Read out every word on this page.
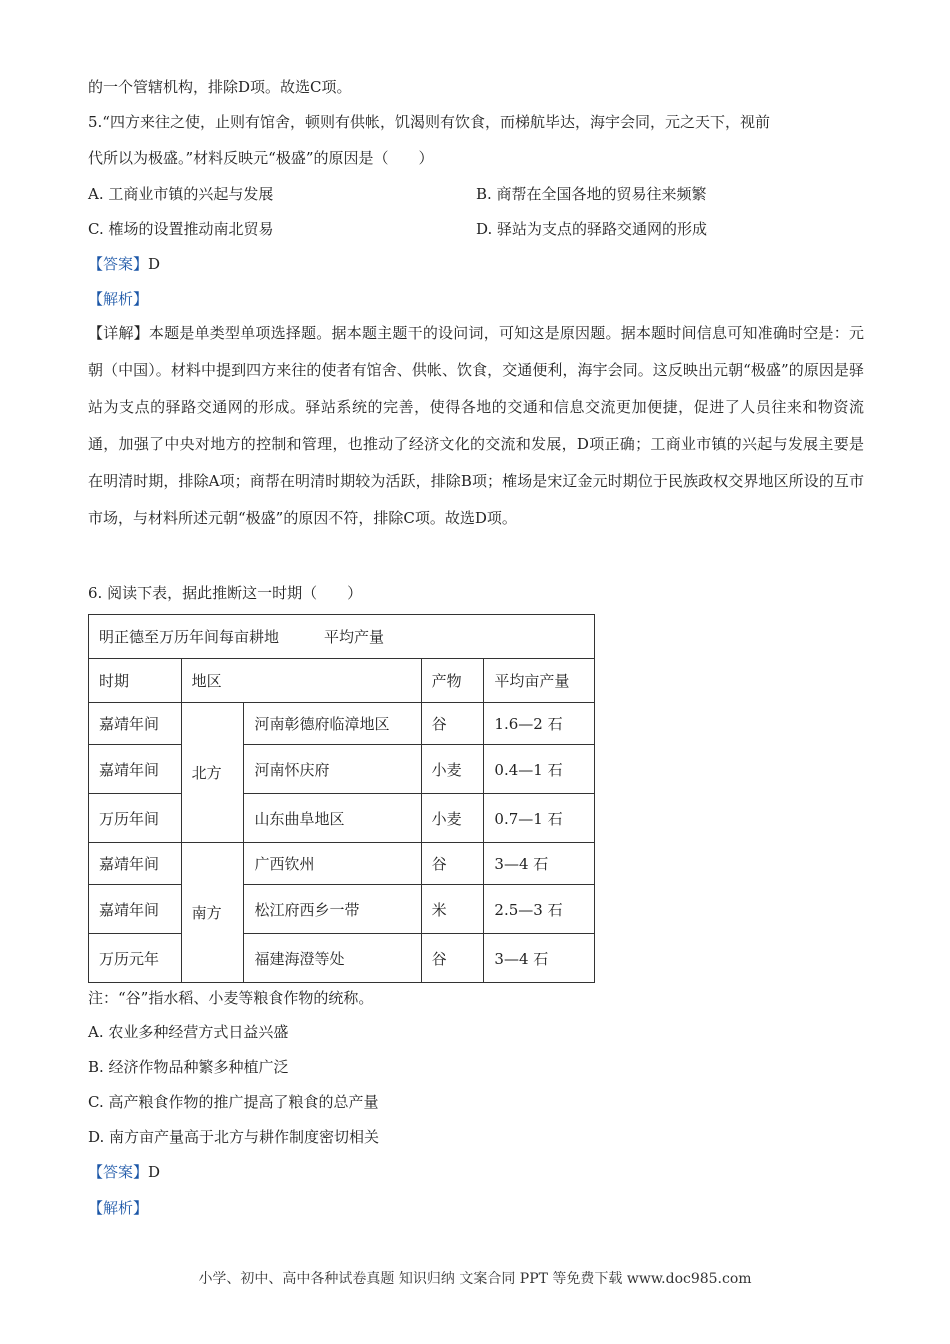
的一个管辖机构，排除D项。故选C项。
5.“四方来往之使，止则有馆舍，顿则有供帐，饥渴则有饮食，而梯航毕达，海宇会同，元之天下，视前
代所以为极盛。”材料反映元“极盛”的原因是（　　）
A. 工商业市镇的兴起与发展	B. 商帮在全国各地的贸易往来频繁
C. 榷场的设置推动南北贸易	D. 驿站为支点的驿路交通网的形成
【答案】D
【解析】
【详解】本题是单类型单项选择题。据本题主题干的设问词，可知这是原因题。据本题时间信息可知准确时空是：元朝（中国）。材料中提到四方来往的使者有馆舍、供帐、饮食，交通便利，海宇会同。这反映出元朝“极盛”的原因是驿站为支点的驿路交通网的形成。驿站系统的完善，使得各地的交通和信息交流更加便捷，促进了人员往来和物资流通，加强了中央对地方的控制和管理，也推动了经济文化的交流和发展，D项正确；工商业市镇的兴起与发展主要是在明清时期，排除A项；商帮在明清时期较为活跃，排除B项；榷场是宋辽金元时期位于民族政权交界地区所设的互市市场，与材料所述元朝“极盛”的原因不符，排除C项。故选D项。
6. 阅读下表，据此推断这一时期（　　）
明正德至万历年间每亩耕地　　　平均产量				
时期	地区		产物	平均亩产量
嘉靖年间	北方	河南彰德府临漳地区	谷	1.6—2 石
嘉靖年间		河南怀庆府	小麦	0.4—1 石
万历年间		山东曲阜地区	小麦	0.7—1 石
嘉靖年间	南方	广西钦州	谷	3—4 石
嘉靖年间		松江府西乡一带	米	2.5—3 石
万历元年		福建海澄等处	谷	3—4 石
注：“谷”指水稻、小麦等粮食作物的统称。
A. 农业多种经营方式日益兴盛
B. 经济作物品种繁多种植广泛
C. 高产粮食作物的推广提高了粮食的总产量
D. 南方亩产量高于北方与耕作制度密切相关
【答案】D
【解析】
小学、初中、高中各种试卷真题 知识归纳 文案合同 PPT 等免费下载 www.doc985.com
